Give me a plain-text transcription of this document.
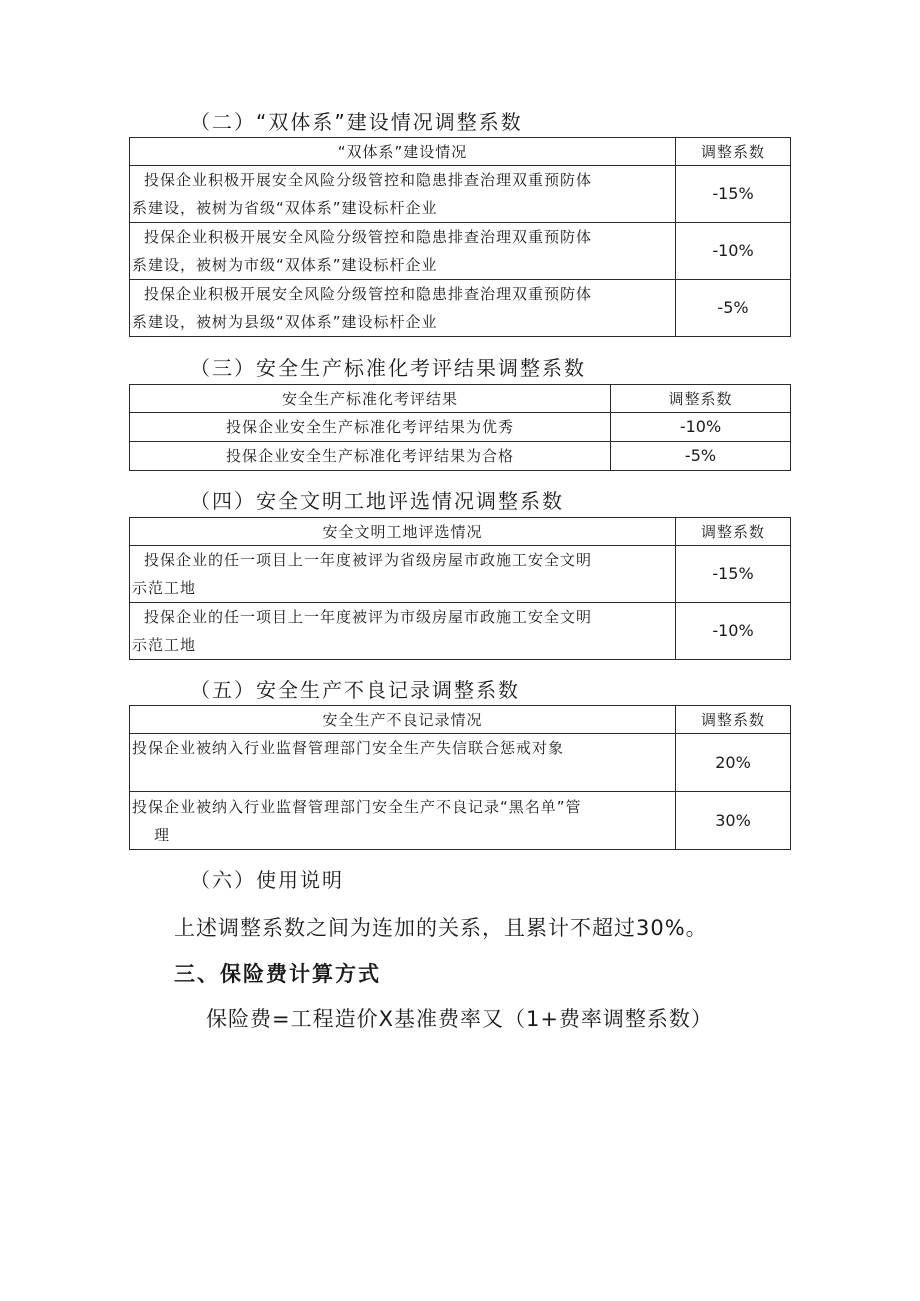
（二）“双体系”建设情况调整系数
“双体系”建设情况	调整系数

投保企业积极开展安全风险分级管控和隐患排查治理双重预防体
系建设，被树为省级“双体系”建设标杆企业	-15%

投保企业积极开展安全风险分级管控和隐患排查治理双重预防体
系建设，被树为市级“双体系”建设标杆企业	-10%

投保企业积极开展安全风险分级管控和隐患排查治理双重预防体
系建设，被树为县级“双体系”建设标杆企业	-5%
（三）安全生产标准化考评结果调整系数
安全生产标准化考评结果	调整系数
投保企业安全生产标准化考评结果为优秀	-10%
投保企业安全生产标准化考评结果为合格	-5%
（四）安全文明工地评选情况调整系数
安全文明工地评选情况	调整系数

投保企业的任一项目上一年度被评为省级房屋市政施工安全文明
示范工地	-15%

投保企业的任一项目上一年度被评为市级房屋市政施工安全文明
示范工地	-10%
（五）安全生产不良记录调整系数
安全生产不良记录情况	调整系数

投保企业被纳入行业监督管理部门安全生产失信联合惩戒对象	20%

投保企业被纳入行业监督管理部门安全生产不良记录“黑名单”管
理	30%
（六）使用说明
上述调整系数之间为连加的关系，且累计不超过30%。
三、保险费计算方式
保险费=工程造价X基准费率又（1+费率调整系数）
